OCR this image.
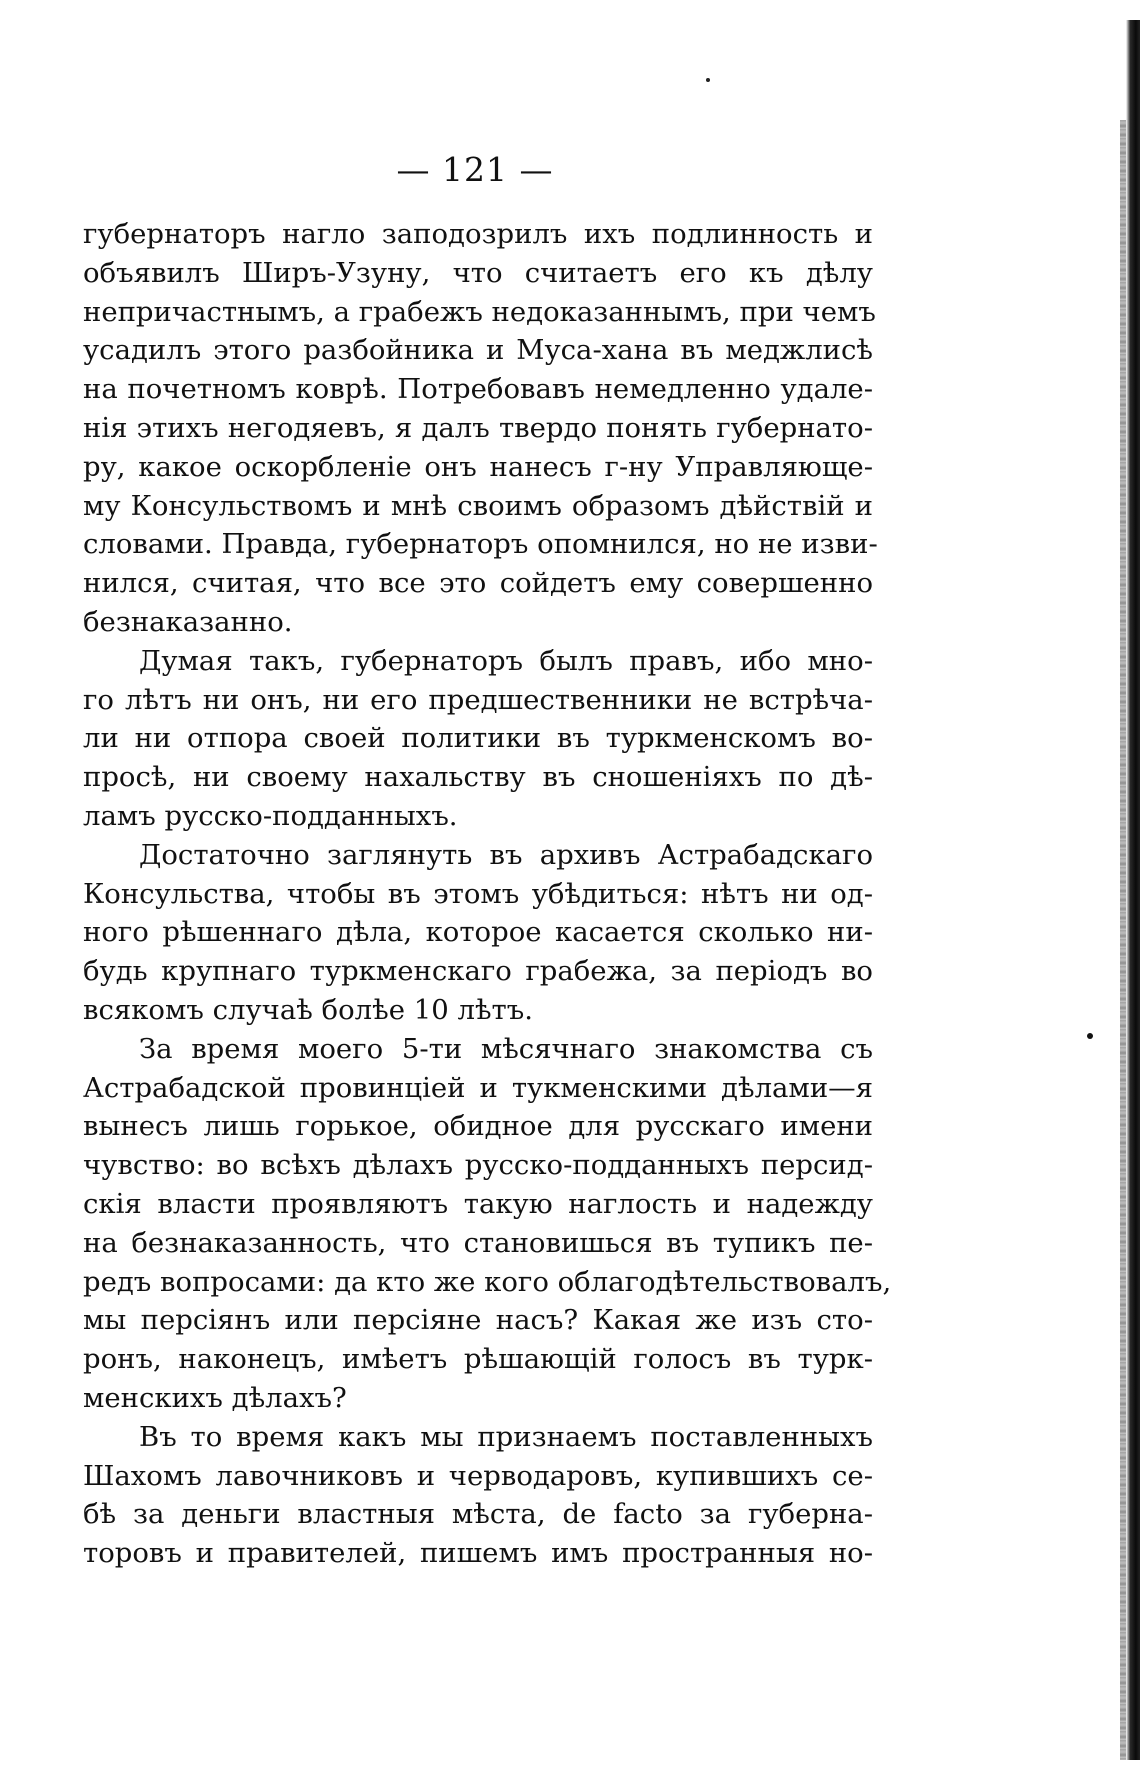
— 121 —
губернаторъ нагло заподозрилъ ихъ подлинность и
объявилъ Ширъ-Узуну, что считаетъ его къ дѣлу
непричастнымъ, а грабежъ недоказаннымъ, при чемъ
усадилъ этого разбойника и Муса-хана въ меджлисѣ
на почетномъ коврѣ. Потребовавъ немедленно удале-
нія этихъ негодяевъ, я далъ твердо понять губернато-
ру, какое оскорбленіе онъ нанесъ г-ну Управляюще-
му Консульствомъ и мнѣ своимъ образомъ дѣйствій и
словами. Правда, губернаторъ опомнился, но не изви-
нился, считая, что все это сойдетъ ему совершенно
безнаказанно.
Думая такъ, губернаторъ былъ правъ, ибо мно-
го лѣтъ ни онъ, ни его предшественники не встрѣча-
ли ни отпора своей политики въ туркменскомъ во-
просѣ, ни своему нахальству въ сношеніяхъ по дѣ-
ламъ русско-подданныхъ.
Достаточно заглянуть въ архивъ Астрабадскаго
Консульства, чтобы въ этомъ убѣдиться: нѣтъ ни од-
ного рѣшеннаго дѣла, которое касается сколько ни-
будь крупнаго туркменскаго грабежа, за періодъ во
всякомъ случаѣ болѣе 10 лѣтъ.
За время моего 5-ти мѣсячнаго знакомства съ
Астрабадской провинціей и тукменскими дѣлами—я
вынесъ лишь горькое, обидное для русскаго имени
чувство: во всѣхъ дѣлахъ русско-подданныхъ персид-
скія власти проявляютъ такую наглость и надежду
на безнаказанность, что становишься въ тупикъ пе-
редъ вопросами: да кто же кого облагодѣтельствовалъ,
мы персіянъ или персіяне насъ? Какая же изъ сто-
ронъ, наконецъ, имѣетъ рѣшающій голосъ въ турк-
менскихъ дѣлахъ?
Въ то время какъ мы признаемъ поставленныхъ
Шахомъ лавочниковъ и черводаровъ, купившихъ се-
бѣ за деньги властныя мѣста, de facto за губерна-
торовъ и правителей, пишемъ имъ пространныя но-
